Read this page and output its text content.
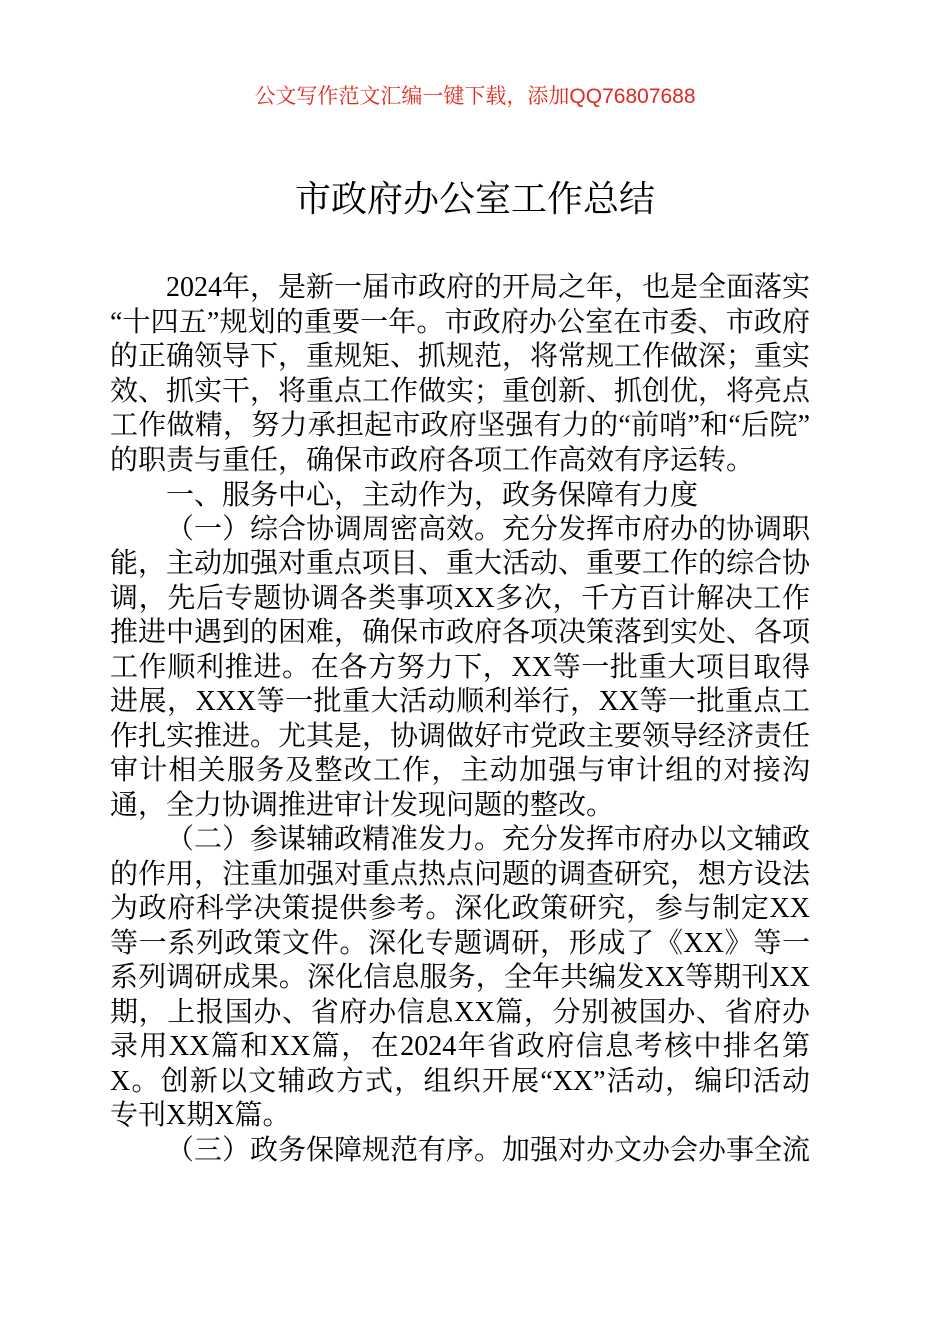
公文写作范文汇编一键下载，添加QQ76807688
市政府办公室工作总结

2024年，是新一届市政府的开局之年，也是全面落实“十四五”规划的重要一年。市政府办公室在市委、市政府的正确领导下，重规矩、抓规范，将常规工作做深；重实效、抓实干，将重点工作做实；重创新、抓创优，将亮点工作做精，努力承担起市政府坚强有力的“前哨”和“后院”的职责与重任，确保市政府各项工作高效有序运转。

一、服务中心，主动作为，政务保障有力度

（一）综合协调周密高效。充分发挥市府办的协调职能，主动加强对重点项目、重大活动、重要工作的综合协调，先后专题协调各类事项XX多次，千方百计解决工作推进中遇到的困难，确保市政府各项决策落到实处、各项工作顺利推进。在各方努力下，XX等一批重大项目取得进展，XXX等一批重大活动顺利举行，XX等一批重点工作扎实推进。尤其是，协调做好市党政主要领导经济责任审计相关服务及整改工作，主动加强与审计组的对接沟通，全力协调推进审计发现问题的整改。

（二）参谋辅政精准发力。充分发挥市府办以文辅政的作用，注重加强对重点热点问题的调查研究，想方设法为政府科学决策提供参考。深化政策研究，参与制定XX等一系列政策文件。深化专题调研，形成了《XX》等一系列调研成果。深化信息服务，全年共编发XX等期刊XX期，上报国办、省府办信息XX篇，分别被国办、省府办录用XX篇和XX篇，在2024年省政府信息考核中排名第X。创新以文辅政方式，组织开展“XX”活动，编印活动专刊X期X篇。

（三）政务保障规范有序。加强对办文办会办事全流
